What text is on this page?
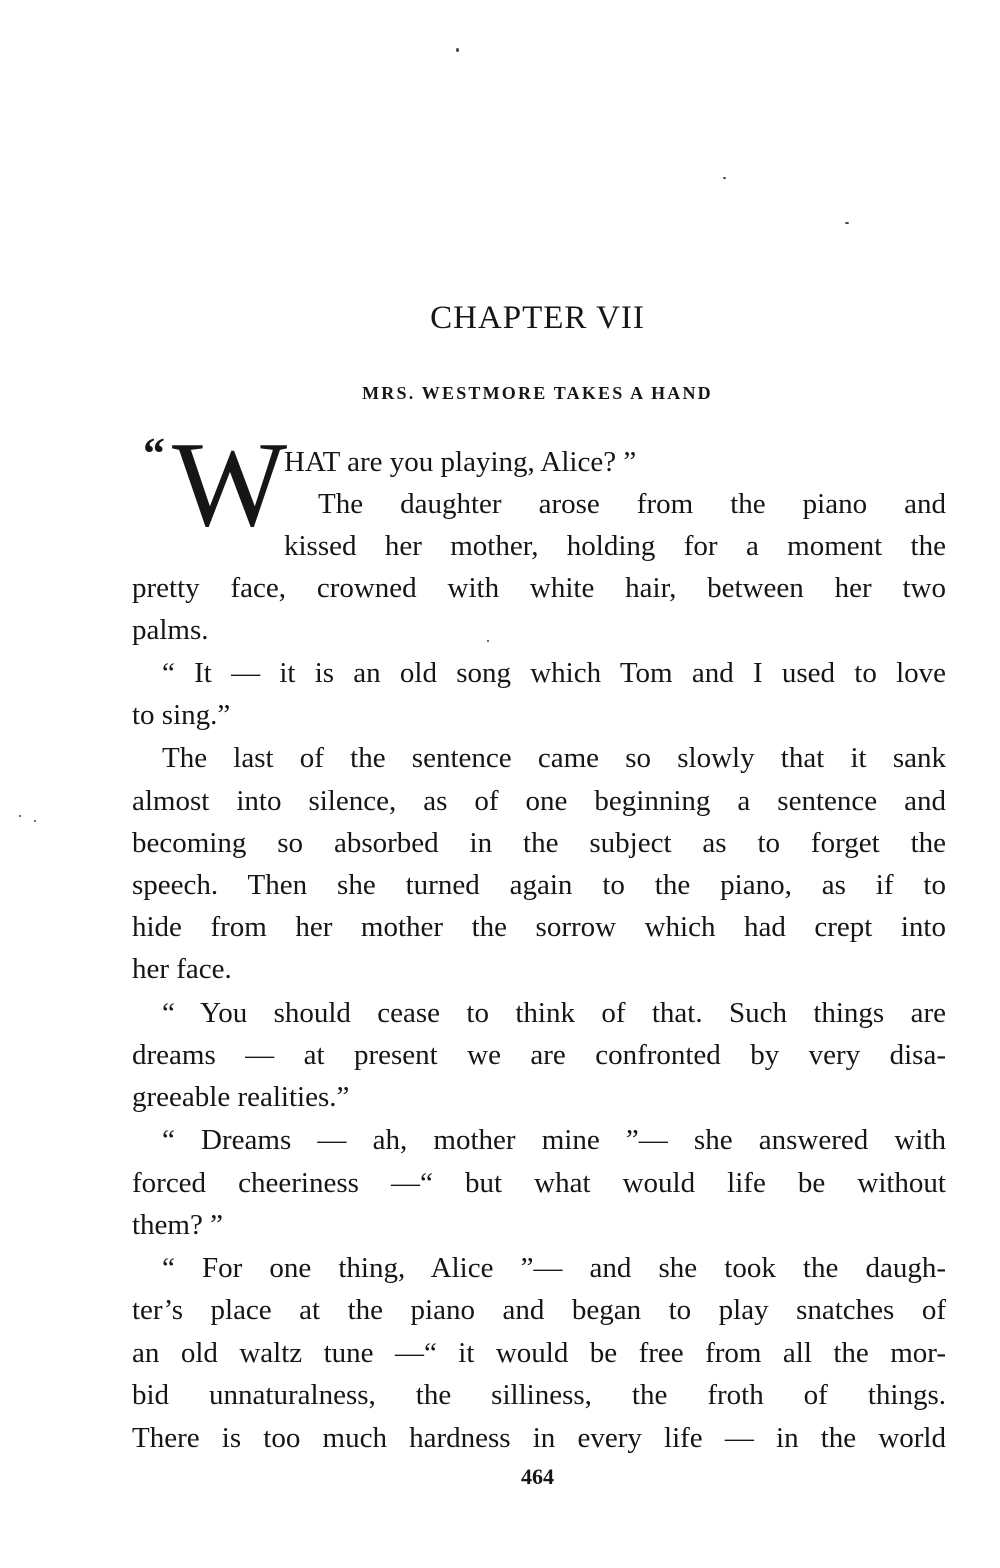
CHAPTER VII
MRS. WESTMORE TAKES A HAND
“ W
HAT are you playing, Alice? ”
The daughter arose from the piano and
kissed her mother, holding for a moment the
pretty face, crowned with white hair, between her two
palms.
“ It — it is an old song which Tom and I used to love
to sing.”
The last of the sentence came so slowly that it sank
almost into silence, as of one beginning a sentence and
becoming so absorbed in the subject as to forget the
speech. Then she turned again to the piano, as if to
hide from her mother the sorrow which had crept into
her face.
“ You should cease to think of that. Such things are
dreams — at present we are confronted by very disa-
greeable realities.”
“ Dreams — ah, mother mine ”— she answered with
forced cheeriness —“ but what would life be without
them? ”
“ For one thing, Alice ”— and she took the daugh-
ter’s place at the piano and began to play snatches of
an old waltz tune —“ it would be free from all the mor-
bid unnaturalness, the silliness, the froth of things.
There is too much hardness in every life — in the world
464
